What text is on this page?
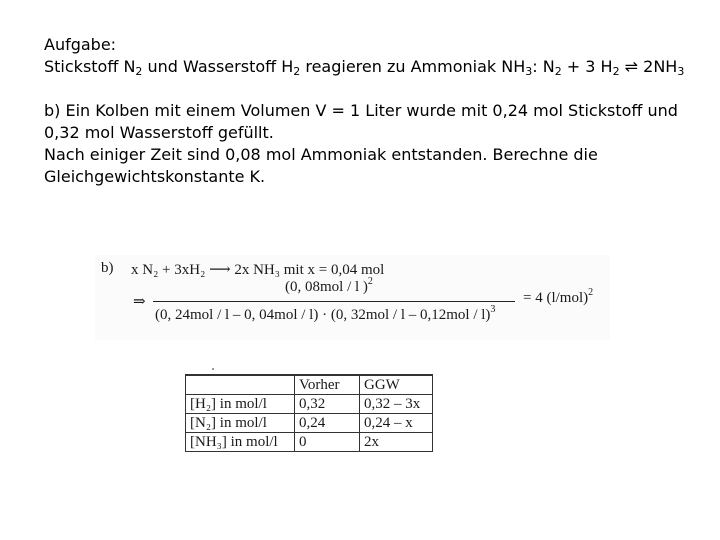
Aufgabe:
Stickstoff $N_2$ und Wasserstoff $H_2$ reagieren zu Ammoniak $NH_3$: $N_2 + 3$ $H_2$ ⇌ $2NH_3$
b) Ein Kolben mit einem Volumen V = 1 Liter wurde mit 0,24 mol Stickstoff und
0,32 mol Wasserstoff gefüllt.
Nach einiger Zeit sind 0,08 mol Ammoniak entstanden. Berechne die
Gleichgewichtskonstante K.
b) x N₂ + 3xH₂ ⟶ 2x NH₃ mit x = 0,04 mol
⇒
(0, 08mol / l )$^2$
(0, 24mol / l – 0, 04mol / l) · (0, 32mol / l – 0,12mol / l)$^3$
= 4 $(l/mol)^2$
	Vorher	GGW
[H₂] in mol/l	0,32	0,32 – 3x
[N₂] in mol/l	0,24	0,24 – x
[NH₃] in mol/l	0	2x
